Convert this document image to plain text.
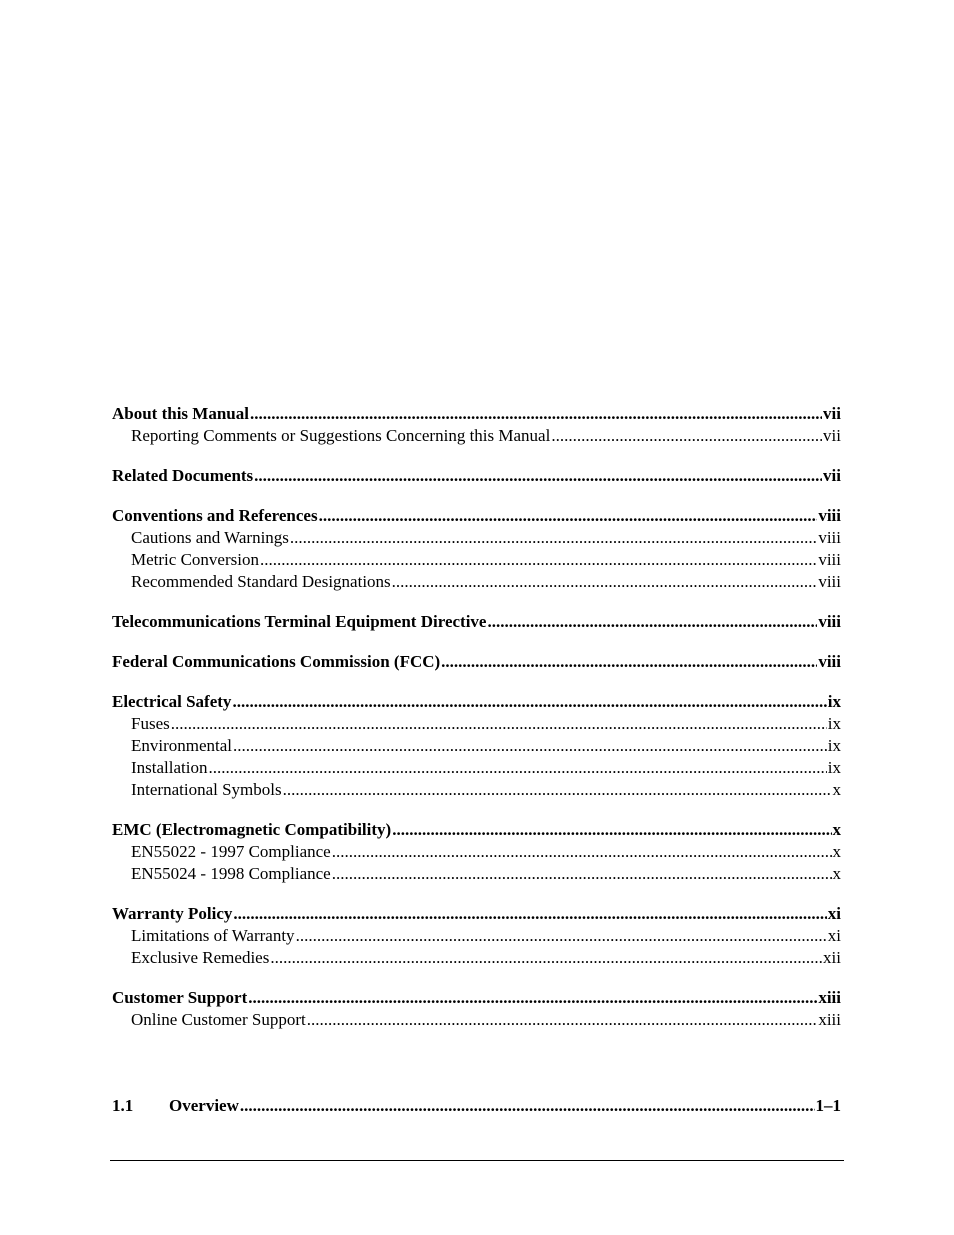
About this Manual .....	vii
Reporting Comments or Suggestions Concerning this Manual .....	vii
Related Documents .....	vii
Conventions and References .....	viii
Cautions and Warnings .....	viii
Metric Conversion .....	viii
Recommended Standard Designations .....	viii
Telecommunications Terminal Equipment Directive .....	viii
Federal Communications Commission (FCC) .....	viii
Electrical Safety .....	ix
Fuses .....	ix
Environmental .....	ix
Installation .....	ix
International Symbols .....	x
EMC (Electromagnetic Compatibility) .....	x
EN55022 - 1997 Compliance .....	x
EN55024 - 1998 Compliance .....	x
Warranty Policy .....	xi
Limitations of Warranty .....	xi
Exclusive Remedies .....	xii
Customer Support .....	xiii
Online Customer Support .....	xiii
1.1 Overview .....	1–1
